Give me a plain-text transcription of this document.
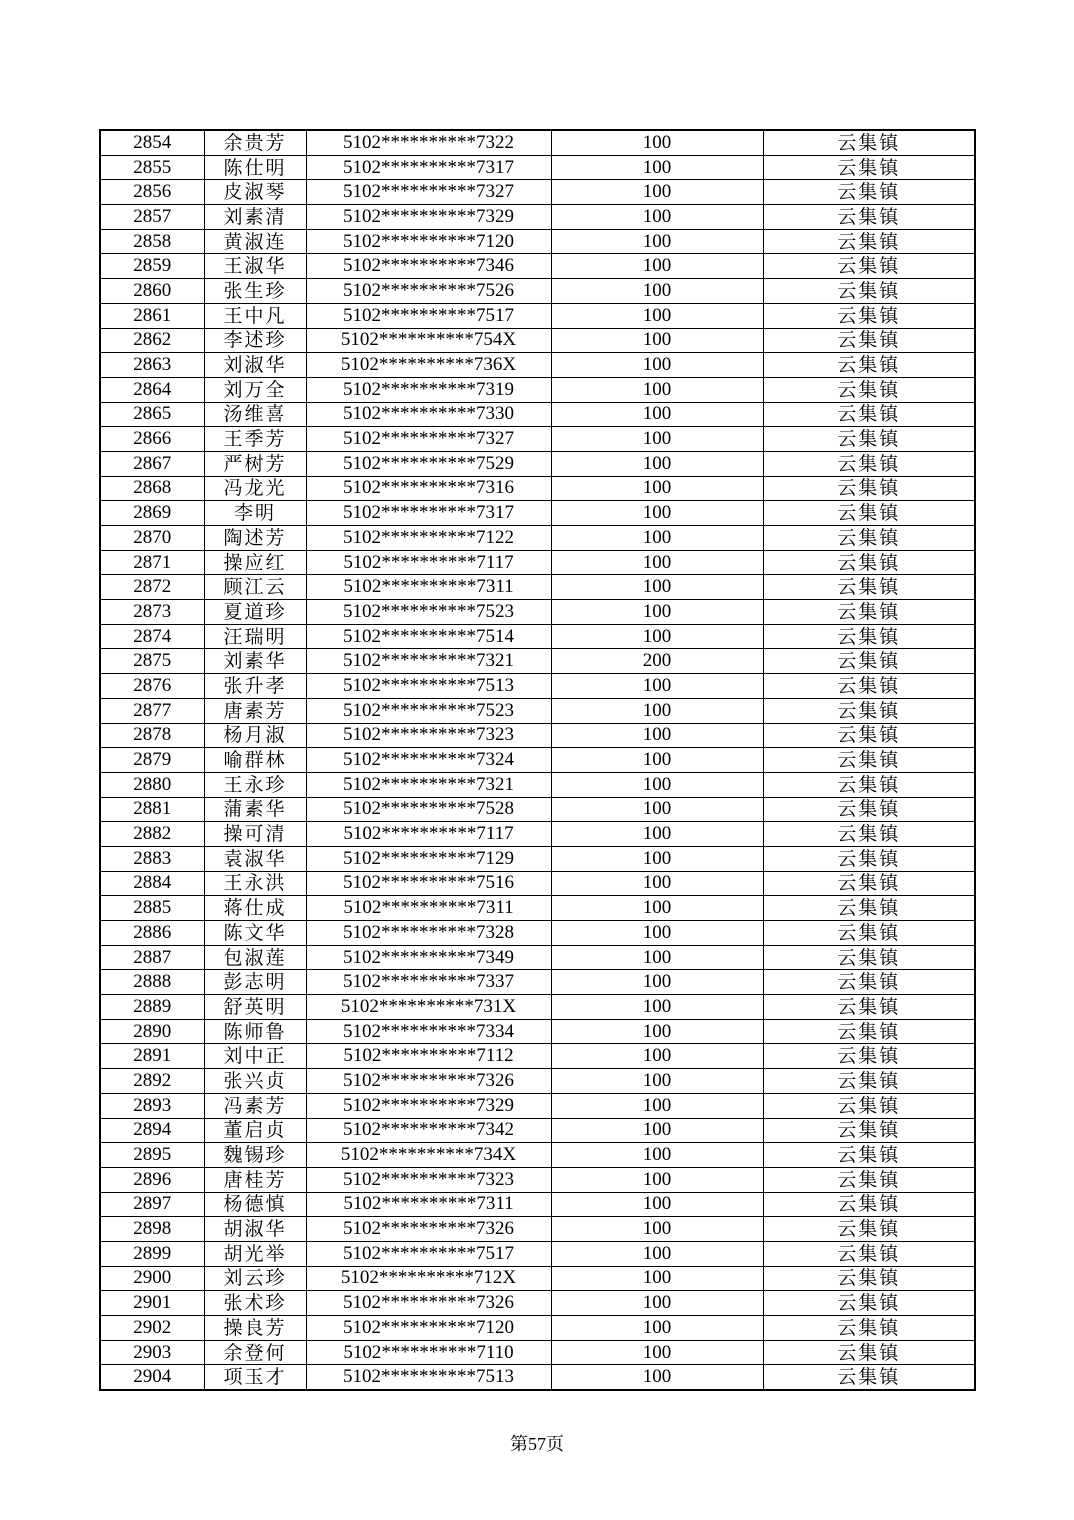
2854	余贵芳	5102**********7322	100	云集镇
2855	陈仕明	5102**********7317	100	云集镇
2856	皮淑琴	5102**********7327	100	云集镇
2857	刘素清	5102**********7329	100	云集镇
2858	黄淑连	5102**********7120	100	云集镇
2859	王淑华	5102**********7346	100	云集镇
2860	张生珍	5102**********7526	100	云集镇
2861	王中凡	5102**********7517	100	云集镇
2862	李述珍	5102**********754X	100	云集镇
2863	刘淑华	5102**********736X	100	云集镇
2864	刘万全	5102**********7319	100	云集镇
2865	汤维喜	5102**********7330	100	云集镇
2866	王季芳	5102**********7327	100	云集镇
2867	严树芳	5102**********7529	100	云集镇
2868	冯龙光	5102**********7316	100	云集镇
2869	李明	5102**********7317	100	云集镇
2870	陶述芳	5102**********7122	100	云集镇
2871	操应红	5102**********7117	100	云集镇
2872	顾江云	5102**********7311	100	云集镇
2873	夏道珍	5102**********7523	100	云集镇
2874	汪瑞明	5102**********7514	100	云集镇
2875	刘素华	5102**********7321	200	云集镇
2876	张升孝	5102**********7513	100	云集镇
2877	唐素芳	5102**********7523	100	云集镇
2878	杨月淑	5102**********7323	100	云集镇
2879	喻群林	5102**********7324	100	云集镇
2880	王永珍	5102**********7321	100	云集镇
2881	蒲素华	5102**********7528	100	云集镇
2882	操可清	5102**********7117	100	云集镇
2883	袁淑华	5102**********7129	100	云集镇
2884	王永洪	5102**********7516	100	云集镇
2885	蒋仕成	5102**********7311	100	云集镇
2886	陈文华	5102**********7328	100	云集镇
2887	包淑莲	5102**********7349	100	云集镇
2888	彭志明	5102**********7337	100	云集镇
2889	舒英明	5102**********731X	100	云集镇
2890	陈师鲁	5102**********7334	100	云集镇
2891	刘中正	5102**********7112	100	云集镇
2892	张兴贞	5102**********7326	100	云集镇
2893	冯素芳	5102**********7329	100	云集镇
2894	董启贞	5102**********7342	100	云集镇
2895	魏锡珍	5102**********734X	100	云集镇
2896	唐桂芳	5102**********7323	100	云集镇
2897	杨德慎	5102**********7311	100	云集镇
2898	胡淑华	5102**********7326	100	云集镇
2899	胡光举	5102**********7517	100	云集镇
2900	刘云珍	5102**********712X	100	云集镇
2901	张术珍	5102**********7326	100	云集镇
2902	操良芳	5102**********7120	100	云集镇
2903	余登何	5102**********7110	100	云集镇
2904	项玉才	5102**********7513	100	云集镇
第57页
